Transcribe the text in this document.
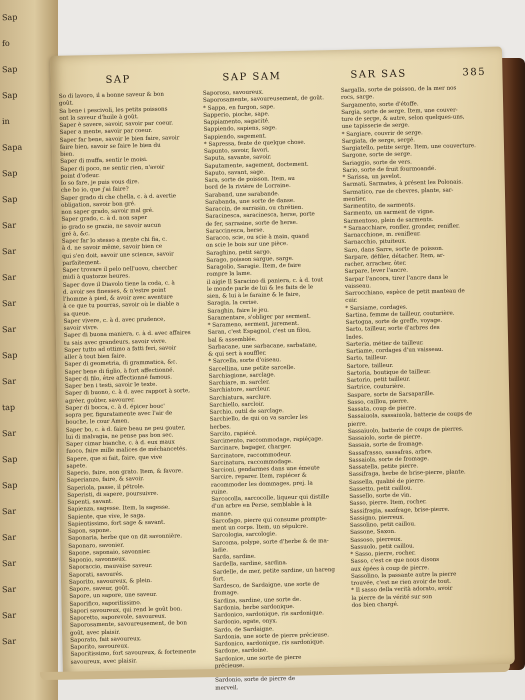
Sap
fo
Sap
Sap
in
Sapa
Sap
Sap
Sar
Sar
Sar
Sar
Sar
Sap
Sar
tap
Sar
Sap
Sap
Sar
Sar
Sar
Sar
Sar
Sar
SAP	SAP SAM	SAR SAS	385
So di lavoro, il a bonne saveur & bon
goût.
Sa bene i pescivoli, les petits poissons
ont la saveur d'huile à goût.
Saper è savere, savoir, savoir par coeur.
Saper a mente, savoir par coeur.
Saper far bene, savoir le bien faire, savoir
faire bien, savoir se faire le bien du
bien.
Saper di muffa, sentir le moisi.
Saper di poco, ne sentir rien, n'avoir
point d'odeur.
Io so fare, je puis vous dire.
che ho io, que j'ai faire?
Saper grado di che chella, c. à d. avertie
obligation, savoir bon gré.
non saper grado, savoir mal gré.
Saper grado, c. à d. non saper
io grado se grazia, ne savoir aucun
gré à, &c.
Saper far lo stesso a mente chi fia, c.
à d. ne savoir même, savoir bien ce
qui s'en doit, savoir une science, savoir
parfaitement.
Saper trovare il pelo nell'uovo, chercher
midi à quatorze heures.
Saper dove il Diavolo tiene la coda, c. à
d. avoir ses finesses, & n'estre point
l'homme à pied, & avoir avec aventure
à ce que tu pourras, savoir où le diable a
sa queue.
Saper vivere, c. à d. avec prudence,
savoir vivre.
Saper di buona maniera, c. à d. avec affaires
tu sais avec grandeurs, savoir vivre.
Saper tutto ad ottimo a fatti feri, savoir
aller à tout bien faire.
Saper di geometria, di grammatica, &c.
Saper bene di figlio, à fort affectionné.
Saper di filo, être affectionné famous.
Saper ben i testi, savoir le texte.
Saper di buono, c. à d. avec rapport à sorte,
agréer, goûter, savourer.
Saper di bocca, c. à d. épicer bouc'
sopra per, figuratamente avec l'air de
bouche, le cour Amen.
Saper bo, c. à d. faire beau ne peu gouter,
lui di malvagia, ne pense pas bon sec.
Saper cimar bianche, c. à d. eux maux
fuoco, faire mille malices de méchancetés.
Sapere, que si fait, faire, que vive
sapete.
Saperio, faire, non grato. Item, & favore.
Saperianzo, faire, & savoir.
Saperiola, passe, il pétrole.
Saperisti, di sapere, poursuivre.
Sapenti, savant.
Sapienza, sagesse. Item, la sagesse.
Sapiente, que vive, le saga.
Sapientissimo, fort sage & savant.
Sapon, sapone.
Saponaria, herbe que on dit savonnière.
Saponaro, savonier.
Sapone, saponaio, savonnier.
Saponio, savonneux.
Saporaccio, mauvaise saveur.
Saporati, savourés.
Saporito, savoureux, & plein.
Sapore, saveur, goût.
Sapore, un sapore, une saveur.
Saporifico, saporitissimo.
Sapori savoureux, qui rend le goût bon.
Saporetto, saporevole, savoureux.
Saporosamente, savoureusement, de bon
goût, avec plaisir.
Saporato, fait savoureux.
Saporito, savoureux.
Saporitissimo, fort savoureux, & fortemente
savoureux, avec plaisir.
Saporoso, savoureux.
Saporosamente, savoureusement, de goût.
* Sappa, en furgon, sape.
Sapperio, pioche, sape.
Sappiamento, sagacité.
Sappiendo, sapiens, sage.
Sappiendo, sagement.
* Sapressa, fente de quelque chose.
Sapunto, savoir, favori.
Saputa, savante, savoir.
Saputamente, sagement, doctement.
Saputo, savant, sage.
Sara, sorte de poisson. Item, au
bord de la rivière de Lorraine.
Saraband, une sarabande.
Sarabanda, une sorte de danse.
Saraccin, de sarrasin, ou chrétien.
Saracinesca, saracinesca, herse, porte
de fer, sarrasine, sorte de herse.
Saraccinesca, herse.
Saracco, scie, ou scie à main, quand
on scie le bois sur une pièce.
Saraghino, petit sargo.
Sarago, poisson sargue, sarge.
Saragolio, Saragie. Item, de faire
rompre la lame.
il aigie Il Saracino di paniera, c. à d. tout
le monde parle de lui & les faits de le
sien, & lui à le faraine & le faire,
Saragia, la cerise.
Saraghin, faire le jeu.
Saramentare, s'obliger par serment.
* Sarameno, serment, jurement.
Saran, c'est Espagnol, c'est un filou,
bal & assemblée.
Sarbacane, une sarbacane, sarbatane,
& qui sert à souffler.
* Sarcella, sorte d'oiseau.
Sarcellina, une petite sarcelle.
Sarchiagione, sarclage.
Sarchiare, m. sarcler.
Sarchiatore, sarcleur.
Sarchiatura, sarclure.
Sarchiello, sarcloir.
Sarchio, outil de sarclage.
Sarchiello, de qui on va sarcler les
herbes.
Sarcito, rapiécé.
Sarcimento, raccommodage, rapiéçage.
Sarcinare, bagager, charger.
Sarcinatore, raccommodeur.
Sarcinatura, raccommodage.
Sarcioni, gendarmes dans une émeute
Sarcire, reparer. Item, rapiécer &
racommoder les dommages, prej. la
ruine.
Sarcocolla, sarcocolle, liqueur qui distille
d'un arbre en Perse, semblable à la
manne.
Sarcofago, pierre qui consume prompte-
ment un corps. Item, un sépulcre.
Sarcologia, sarcologie.
Sarcoma, polype, sorte d'herbe & de ma-
ladie.
Sarda, sardine.
Sardella, sardine, sardina.
Sardelle, de mer, petite sardine, un hareng
fort.
Sardesco, de Sardaigne, une sorte de
fromage.
Sardina, sardine, une sorte de.
Sardonia, herbe sardonique.
Sardonico, sardonique, ris sardonique.
Sardonio, agate, onyx.
Sardo, de Sardaigne.
Sardonia, une sorte de pierre précieuse.
Sardonico, sardonique, ris sardonique.
Sardone, sardoine.
Sardonice, une sorte de pierre
précieuse.
Sardonio, sorte de pierre de
merveil.
Sargalla, sorte de poisson, de la mer nos
rocs, sarge.
Sargamento, sorte d'étoffe.
Sargia, sorte de serge. Item, une couver-
ture de serge, & autre, selon quelques-uns,
une tapisserie de serge.
* Sargiare, couvrir de serge.
Sargiata, de serge, sergé.
Sargiatello, petite serge. Item, une couverture.
Sargone, sorte de serge.
Sariaggio, sorte de vers.
Sario, sorte de fruit fourmoandé.
* Sarissa, un javelot.
Sarmati, Sarmates, à présent les Polonais.
Sarmatico, rue de chevres, plante, sar-
mentier.
Sarmentito, de sarments.
Sarmento, un sarment de vigne.
Sarmentoso, plein de sarments.
* Sarnacchiare, ronfler, gronder, renifler.
Sarnacchione, m. renifleur.
Sarnacchio, pituiteux.
Saro, dans Sarre, sorte de poisson.
Sarpare, défiler, détacher. Item, ar-
racher, arracher, ôter.
Sarpare, lever l'ancre.
Sarpar l'ancora, tirer l'ancre dans le
vaisseau.
Sarrocchiano, espèce de petit manteau de
cuir.
* Sarsiame, cordages.
Sartina, femme de tailleur, couturière.
Sartogna, sorte de greffe, voyage.
Sarto, tailleur, sorte d'arbres des
Indes.
Sarteria, métier de tailleur.
Sartiame, cordages d'un vaisseau.
Sarto, tailleur.
Sartore, tailleur.
Sartoria, boutique de tailleur.
Sartorio, petit tailleur.
Sartrice, couturière.
Saspare, sorte de Sarsaparille.
Sasso, caillou, pierre.
Sassata, coup de pierre.
Sassaiuola, sassaiuola, batterie de coups de
pierre.
Sassaiuolo, batterie de coups de pierres.
Sassaiolo, sorte de pierre.
Sassaia, sorte de fromage.
Sassafrasso, sassafras, arbre.
Sassaiola, sorte de fromage.
Sassatella, petite pierre.
Sassifraga, herbe de brise-pierre, plante.
Sassella, qualité de pierre.
Sassetto, petit caillou.
Sassello, sorte de vin.
Sasso, pierre. Item, rocher.
Sassifragia, saxifrage, brise-pierre.
Sassigno, pierreux.
Sassolino, petit caillou.
Sassone, Saxon.
Sassoso, pierreux.
Sassuolo, petit caillou.
* Sasso, pierre, rocher.
Sasso, c'est ce que nous disons
aux épées à coup de pierre.
Sassolino, la passante autre la pierre
trouvée, c'est ne rien avoir de tout.
* Il sasso della verità adorato, avoir
la pierre de la vérité sur son
dos bien chargé.
